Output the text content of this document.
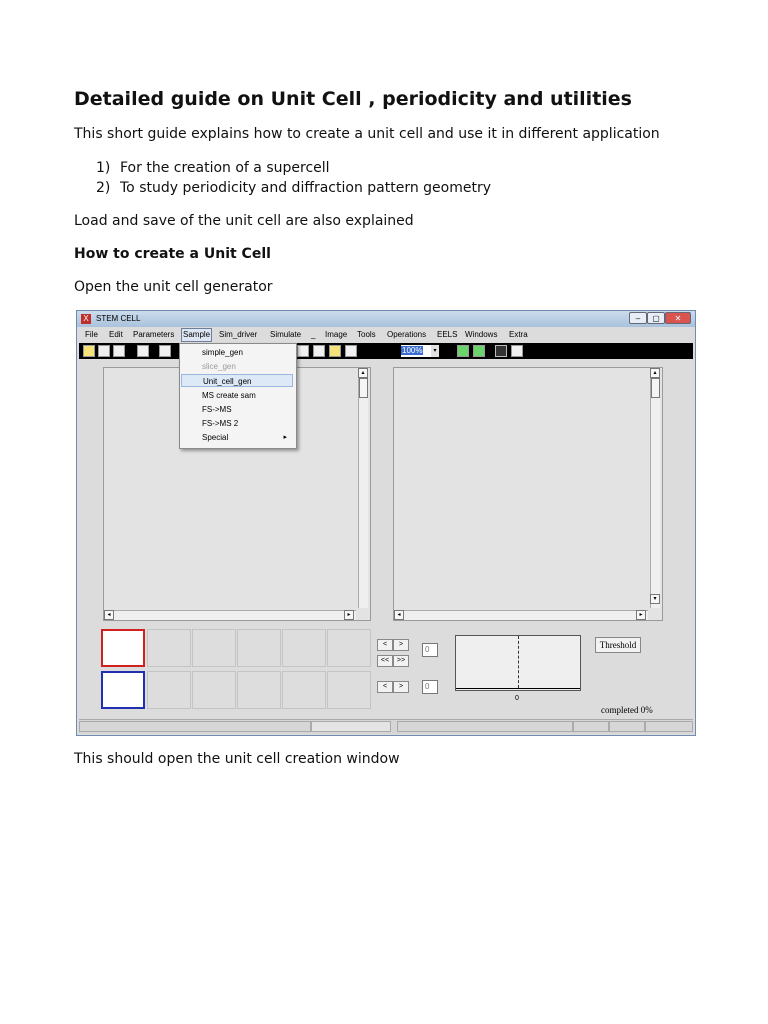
Detailed guide on Unit Cell , periodicity and utilities
This short guide explains how to create a unit cell and use it in different application
1) For the creation of a supercell
2) To study periodicity and diffraction pattern geometry
Load and save of the unit cell are also explained
How to create a Unit Cell
Open the unit cell generator
X STEM CELL	–	▢	✕
File Edit Parameters Sample Sim_driver Simulate _ Image Tools Operations EELS Windows Extra
100%	▾
▴
◂	▸
▴
▾
◂	▸
<	>
<<	>>
0
<	>	0
0
Threshold
completed 0%
simple_gen
slice_gen
Unit_cell_gen
MS create sam
FS->MS
FS->MS 2
Special	▸
This should open the unit cell creation window
